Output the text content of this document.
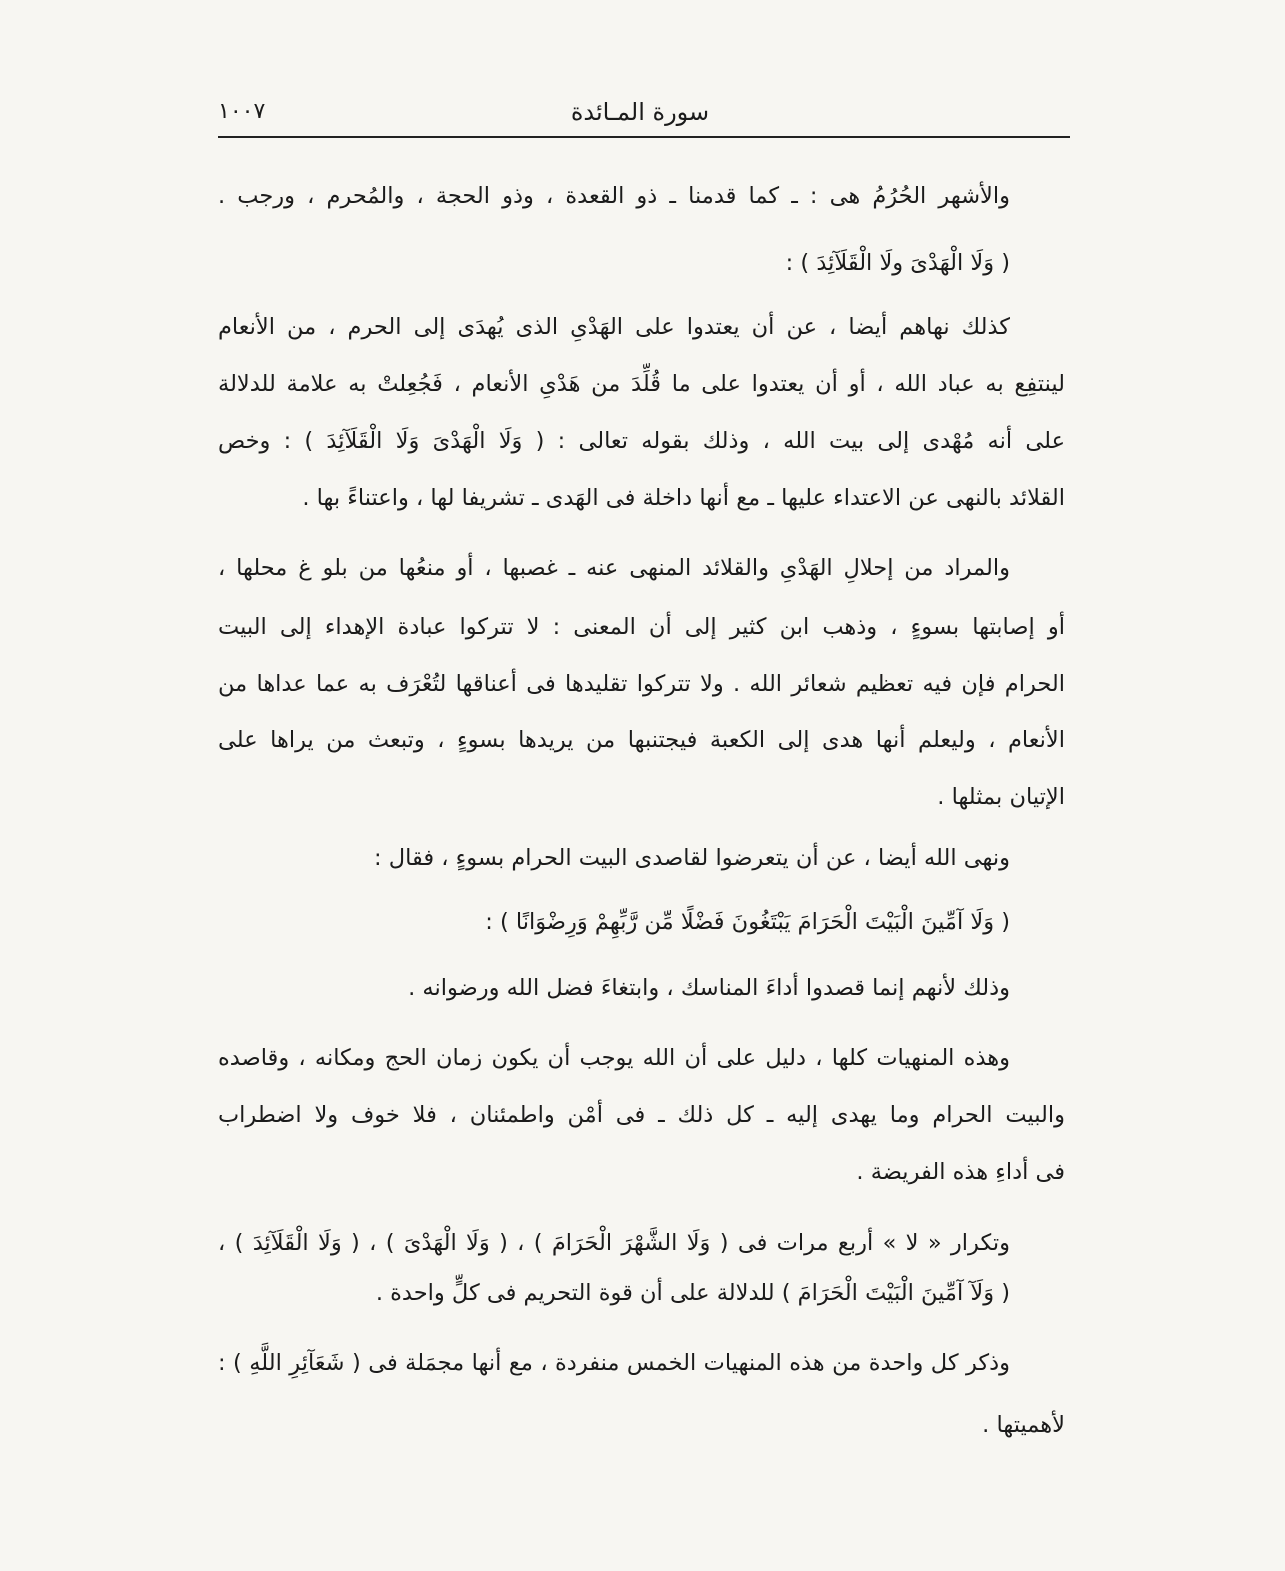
سورة المـائدة
١٠٠٧
والأشهر الحُرُمُ هى : ـ كما قدمنا ـ ذو القعدة ، وذو الحجة ، والمُحرم ، ورجب .
( وَلَا الْهَدْىَ ولَا الْقَلَآئِدَ ) :
كذلك نهاهم أيضا ، عن أن يعتدوا على الهَدْىِ الذى يُهدَى إلى الحرم ، من الأنعام
لينتفِع به عباد الله ، أو أن يعتدوا على ما قُلِّدَ من هَدْىِ الأنعام ، فَجُعِلتْ به علامة للدلالة
على أنه مُهْدى إلى بيت الله ، وذلك بقوله تعالى : ( وَلَا الْهَدْىَ وَلَا الْقَلَآئِدَ ) : وخص
القلائد بالنهى عن الاعتداء عليها ـ مع أنها داخلة فى الهَدى ـ تشريفا لها ، واعتناءً بها .
والمراد من إحلالِ الهَدْىِ والقلائد المنهى عنه ـ غصبها ، أو منعُها من بلو غ محلها ،
أو إصابتها بسوءٍ ، وذهب ابن كثير إلى أن المعنى : لا تتركوا عبادة الإهداء إلى البيت
الحرام فإن فيه تعظيم شعائر الله . ولا تتركوا تقليدها فى أعناقها لتُعْرَف به عما عداها من
الأنعام ، وليعلم أنها هدى إلى الكعبة فيجتنبها من يريدها بسوءٍ ، وتبعث من يراها على
الإتيان بمثلها .
ونهى الله أيضا ، عن أن يتعرضوا لقاصدى البيت الحرام بسوءٍ ، فقال :
( وَلَا آمِّينَ الْبَيْتَ الْحَرَامَ يَبْتَغُونَ فَضْلًا مِّن رَّبِّهِمْ وَرِضْوَانًا ) :
وذلك لأنهم إنما قصدوا أداءَ المناسك ، وابتغاءَ فضل الله ورضوانه .
وهذه المنهيات كلها ، دليل على أن الله يوجب أن يكون زمان الحج ومكانه ، وقاصده
والبيت الحرام وما يهدى إليه ـ كل ذلك ـ فى أمْن واطمئنان ، فلا خوف ولا اضطراب
فى أداءِ هذه الفريضة .
وتكرار « لا » أربع مرات فى ( وَلَا الشَّهْرَ الْحَرَامَ ) ، ( وَلَا الْهَدْىَ ) ، ( وَلَا الْقَلَآئِدَ ) ،
( وَلَآ آمِّينَ الْبَيْتَ الْحَرَامَ ) للدلالة على أن قوة التحريم فى كلٍّ واحدة .
وذكر كل واحدة من هذه المنهيات الخمس منفردة ، مع أنها مجمَلة فى ( شَعَآئِرِ اللَّهِ ) :
لأهميتها .
